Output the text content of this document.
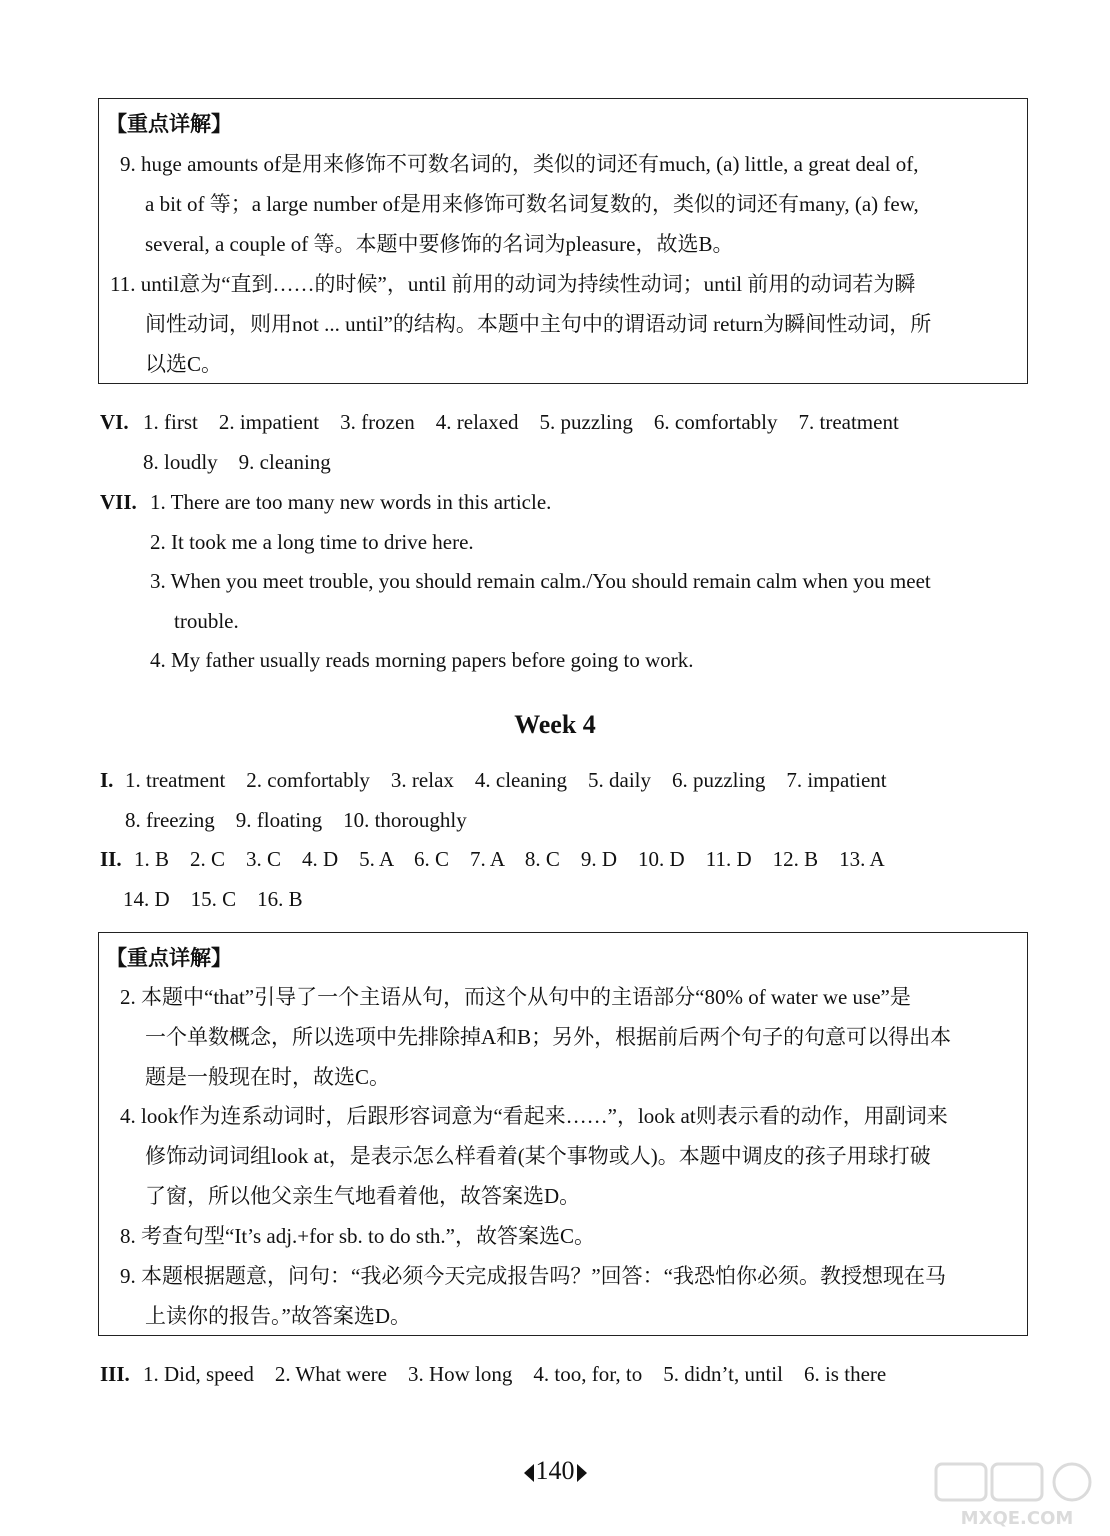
【重点详解】
9. huge amounts of是用来修饰不可数名词的，类似的词还有much, (a) little, a great deal of,
a bit of 等；a large number of是用来修饰可数名词复数的，类似的词还有many, (a) few,
several, a couple of 等。本题中要修饰的名词为pleasure，故选B。
11. until意为“直到……的时候”，until 前用的动词为持续性动词；until 前用的动词若为瞬
间性动词，则用not ... until”的结构。本题中主句中的谓语动词 return为瞬间性动词，所
以选C。
VI. 1. first    2. impatient    3. frozen    4. relaxed    5. puzzling    6. comfortably    7. treatment
8. loudly    9. cleaning
VII. 1. There are too many new words in this article.
2. It took me a long time to drive here.
3. When you meet trouble, you should remain calm./You should remain calm when you meet
trouble.
4. My father usually reads morning papers before going to work.
Week 4
I. 1. treatment    2. comfortably    3. relax    4. cleaning    5. daily    6. puzzling    7. impatient
8. freezing    9. floating    10. thoroughly
II. 1. B    2. C    3. C    4. D    5. A    6. C    7. A    8. C    9. D    10. D    11. D    12. B    13. A
14. D    15. C    16. B
【重点详解】
2. 本题中“that”引导了一个主语从句，而这个从句中的主语部分“80% of water we use”是
一个单数概念，所以选项中先排除掉A和B；另外，根据前后两个句子的句意可以得出本
题是一般现在时，故选C。
4. look作为连系动词时，后跟形容词意为“看起来……”，look at则表示看的动作，用副词来
修饰动词词组look at，是表示怎么样看着(某个事物或人)。本题中调皮的孩子用球打破
了窗，所以他父亲生气地看着他，故答案选D。
8. 考查句型“It’s adj.+for sb. to do sth.”，故答案选C。
9. 本题根据题意，问句：“我必须今天完成报告吗？”回答：“我恐怕你必须。教授想现在马
上读你的报告。”故答案选D。
III. 1. Did, speed    2. What were    3. How long    4. too, for, to    5. didn’t, until    6. is there
140
MXQE.COM
